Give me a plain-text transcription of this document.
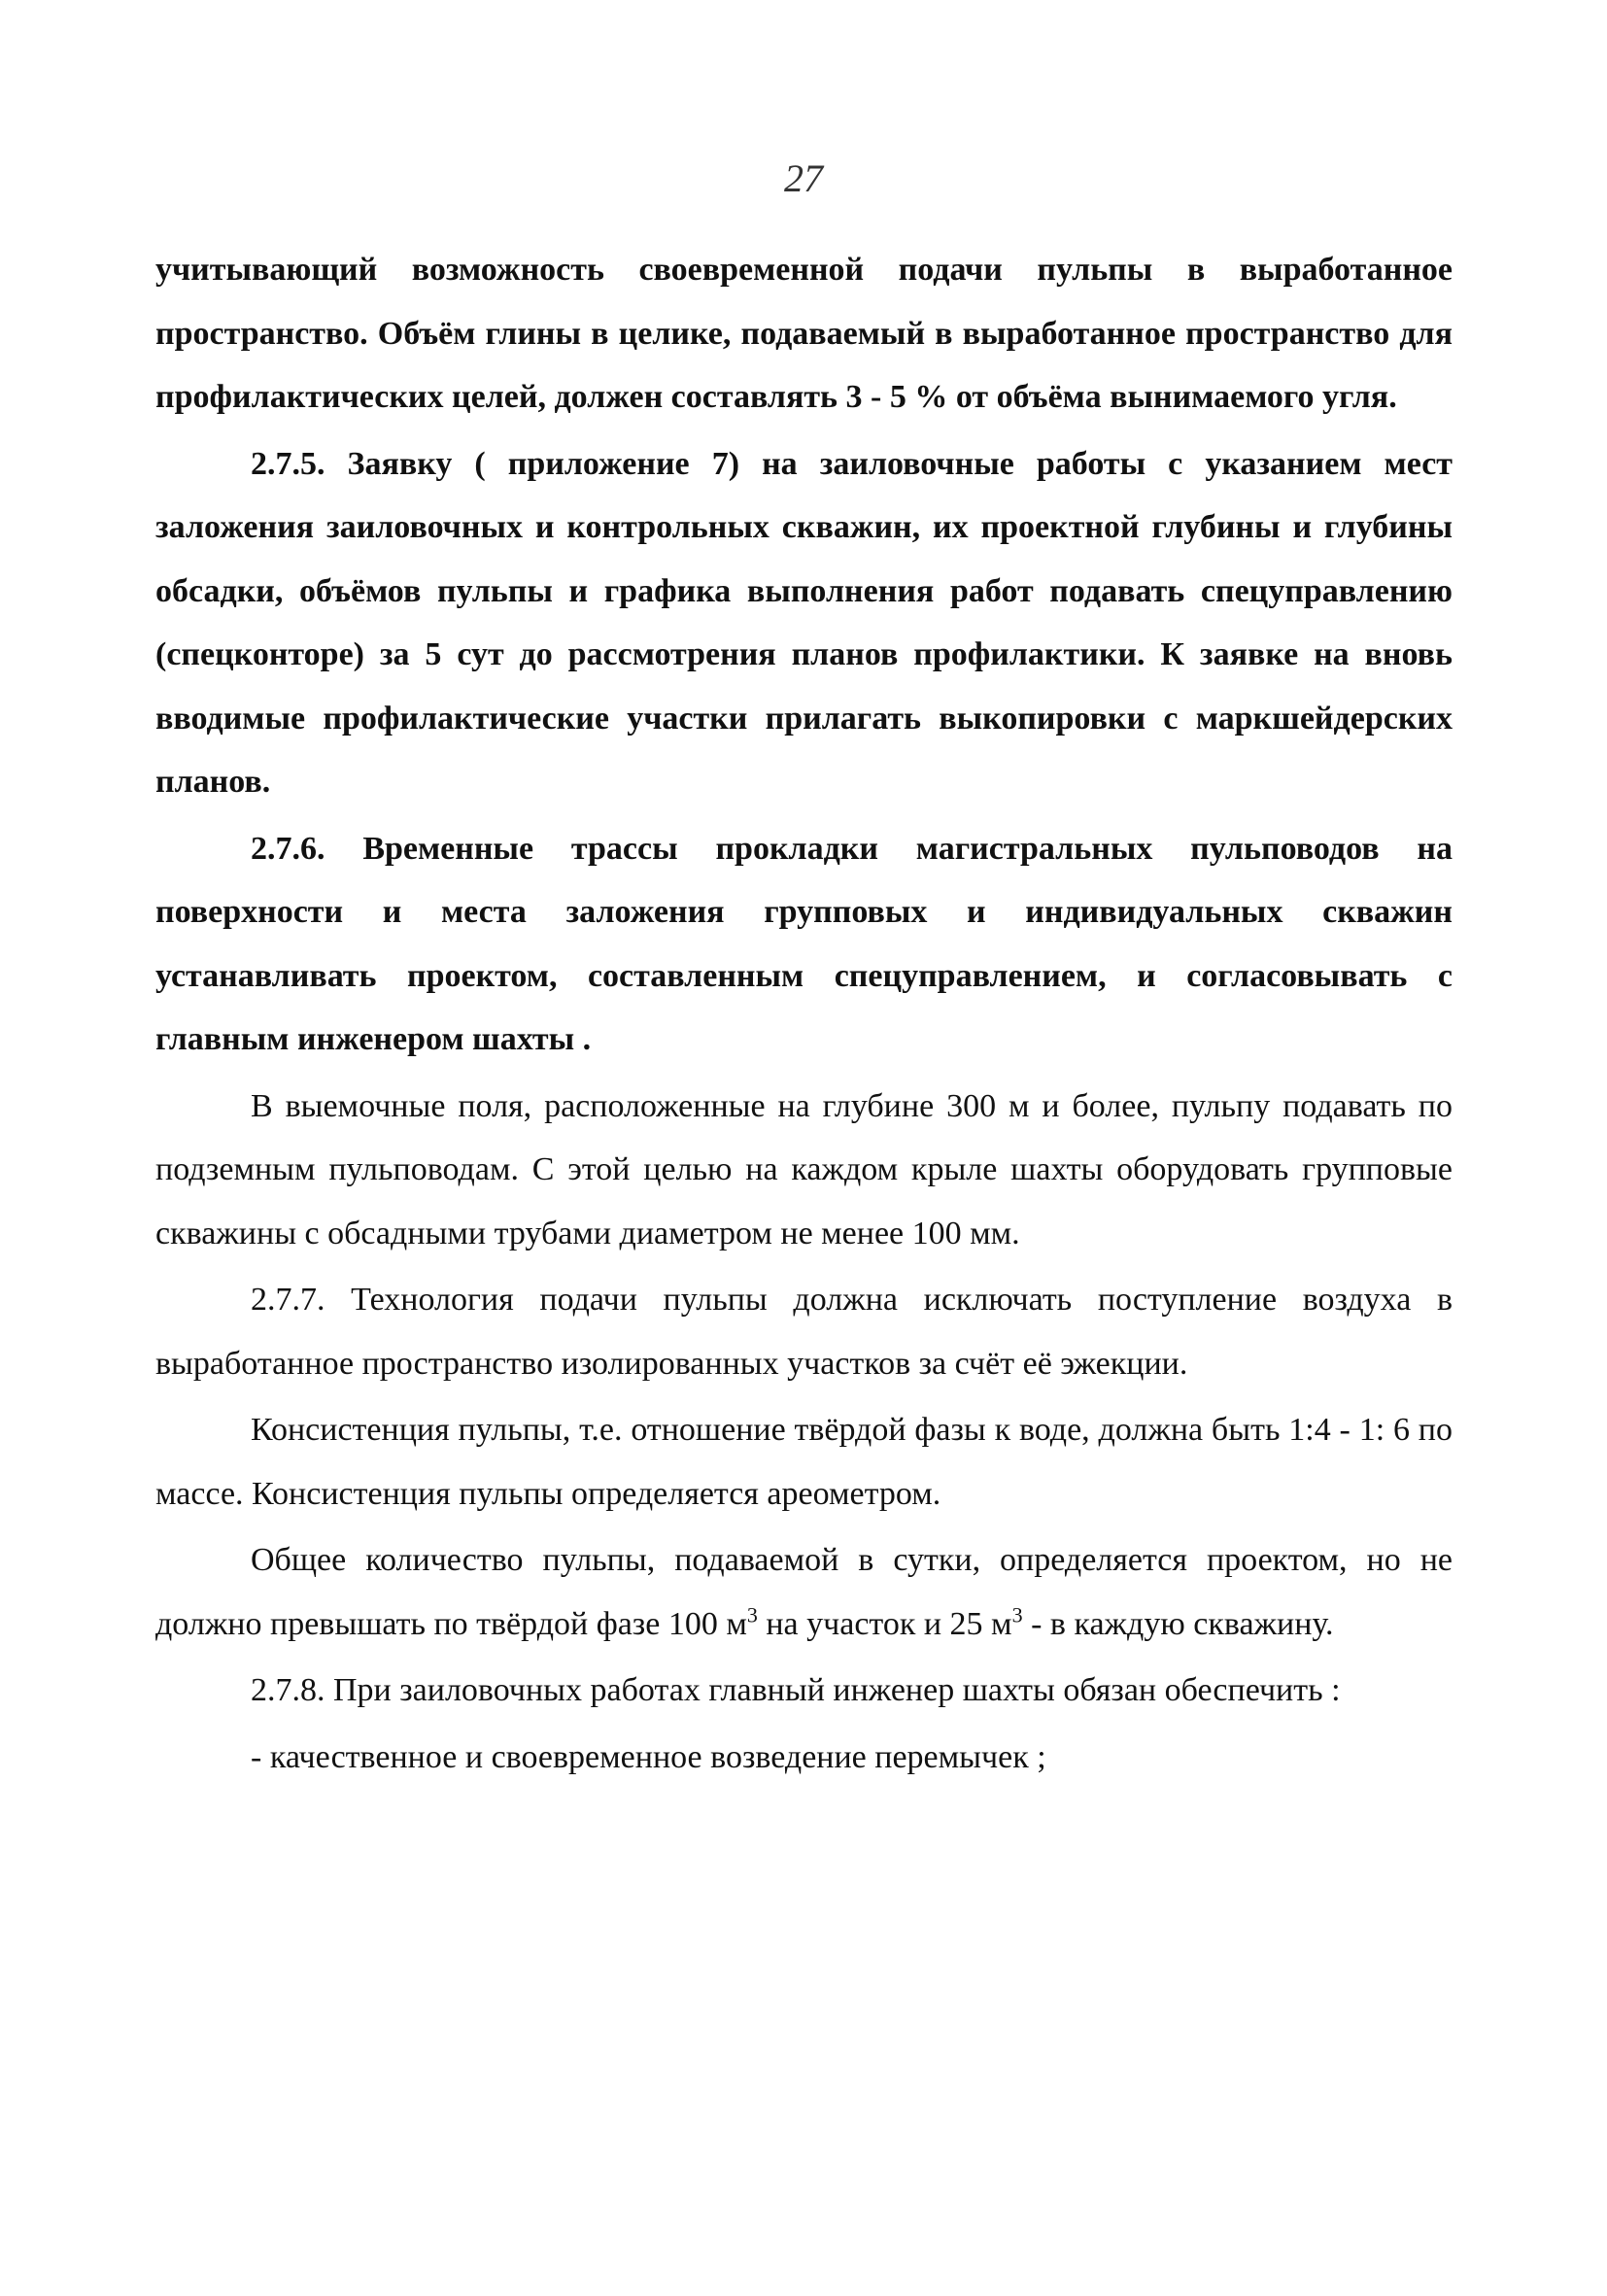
27

учитывающий возможность своевременной подачи пульпы в выработанное пространство. Объём глины в целике, подаваемый в выработанное пространство для профилактических целей, должен составлять 3 - 5 % от объёма вынимаемого угля.

2.7.5. Заявку ( приложение 7) на заиловочные работы с указанием мест заложения заиловочных и контрольных скважин, их проектной глубины и глубины обсадки, объёмов пульпы и графика выполнения работ подавать спецуправлению (спецконторе) за 5 сут до рассмотрения планов профилактики. К заявке на вновь вводимые профилактические участки прилагать выкопировки с маркшейдерских планов.

2.7.6. Временные трассы прокладки магистральных пульповодов на поверхности и места заложения групповых и индивидуальных скважин устанавливать проектом, составленным спецуправлением, и согласовывать с главным инженером шахты .

В выемочные поля, расположенные на глубине 300 м и более, пульпу подавать по подземным пульповодам. С этой целью на каждом крыле шахты оборудовать групповые скважины с обсадными трубами диаметром не менее 100 мм.

2.7.7. Технология подачи пульпы должна исключать поступление воздуха в выработанное пространство изолированных участков за счёт её эжекции.

Консистенция пульпы, т.е. отношение твёрдой фазы к воде, должна быть 1:4 - 1: 6 по массе. Консистенция пульпы определяется ареометром.

Общее количество пульпы, подаваемой в сутки, определяется проектом, но не должно превышать по твёрдой фазе 100 $м^3$ на участок и 25 $м^3$ - в каждую скважину.

2.7.8. При заиловочных работах главный инженер шахты обязан обеспечить :

- качественное и своевременное возведение перемычек ;
